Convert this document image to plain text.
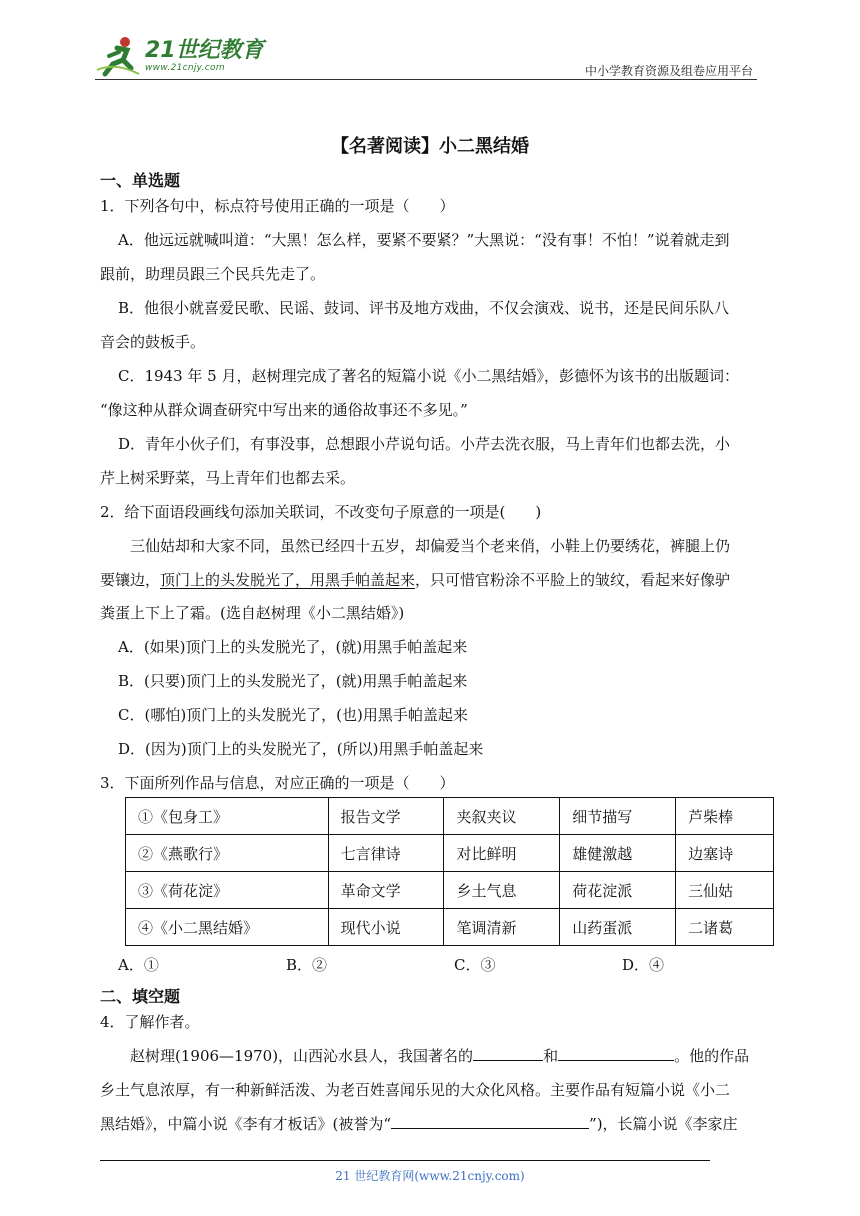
21世纪教育
www.21cnjy.com	中小学教育资源及组卷应用平台
【名著阅读】小二黑结婚
一、单选题
1．下列各句中，标点符号使用正确的一项是（　　）
A．他远远就喊叫道：“大黑！怎么样，要紧不要紧？”大黑说：“没有事！不怕！”说着就走到
跟前，助理员跟三个民兵先走了。
B．他很小就喜爱民歌、民谣、鼓词、评书及地方戏曲，不仅会演戏、说书，还是民间乐队八
音会的鼓板手。
C．1943 年 5 月，赵树理完成了著名的短篇小说《小二黑结婚》，彭德怀为该书的出版题词：
“像这种从群众调查研究中写出来的通俗故事还不多见。”
D．青年小伙子们，有事没事，总想跟小芹说句话。小芹去洗衣服，马上青年们也都去洗，小
芹上树采野菜，马上青年们也都去采。
2．给下面语段画线句添加关联词，不改变句子原意的一项是(　　)
三仙姑却和大家不同，虽然已经四十五岁，却偏爱当个老来俏，小鞋上仍要绣花，裤腿上仍
要镶边，顶门上的头发脱光了，用黑手帕盖起来，只可惜官粉涂不平脸上的皱纹，看起来好像驴
粪蛋上下上了霜。(选自赵树理《小二黑结婚》)
A．(如果)顶门上的头发脱光了，(就)用黑手帕盖起来
B．(只要)顶门上的头发脱光了，(就)用黑手帕盖起来
C．(哪怕)顶门上的头发脱光了，(也)用黑手帕盖起来
D．(因为)顶门上的头发脱光了，(所以)用黑手帕盖起来
3．下面所列作品与信息，对应正确的一项是（　　）
①《包身工》	报告文学	夹叙夹议	细节描写	芦柴棒
②《燕歌行》	七言律诗	对比鲜明	雄健激越	边塞诗
③《荷花淀》	革命文学	乡土气息	荷花淀派	三仙姑
④《小二黑结婚》	现代小说	笔调清新	山药蛋派	二诸葛
A．①	B．②	C．③	D．④
二、填空题
4．了解作者。
赵树理(1906—1970)，山西沁水县人，我国著名的	和	。他的作品
乡土气息浓厚，有一种新鲜活泼、为老百姓喜闻乐见的大众化风格。主要作品有短篇小说《小二
黑结婚》，中篇小说《李有才板话》(被誉为“	”)，长篇小说《李家庄
21 世纪教育网(www.21cnjy.com)
